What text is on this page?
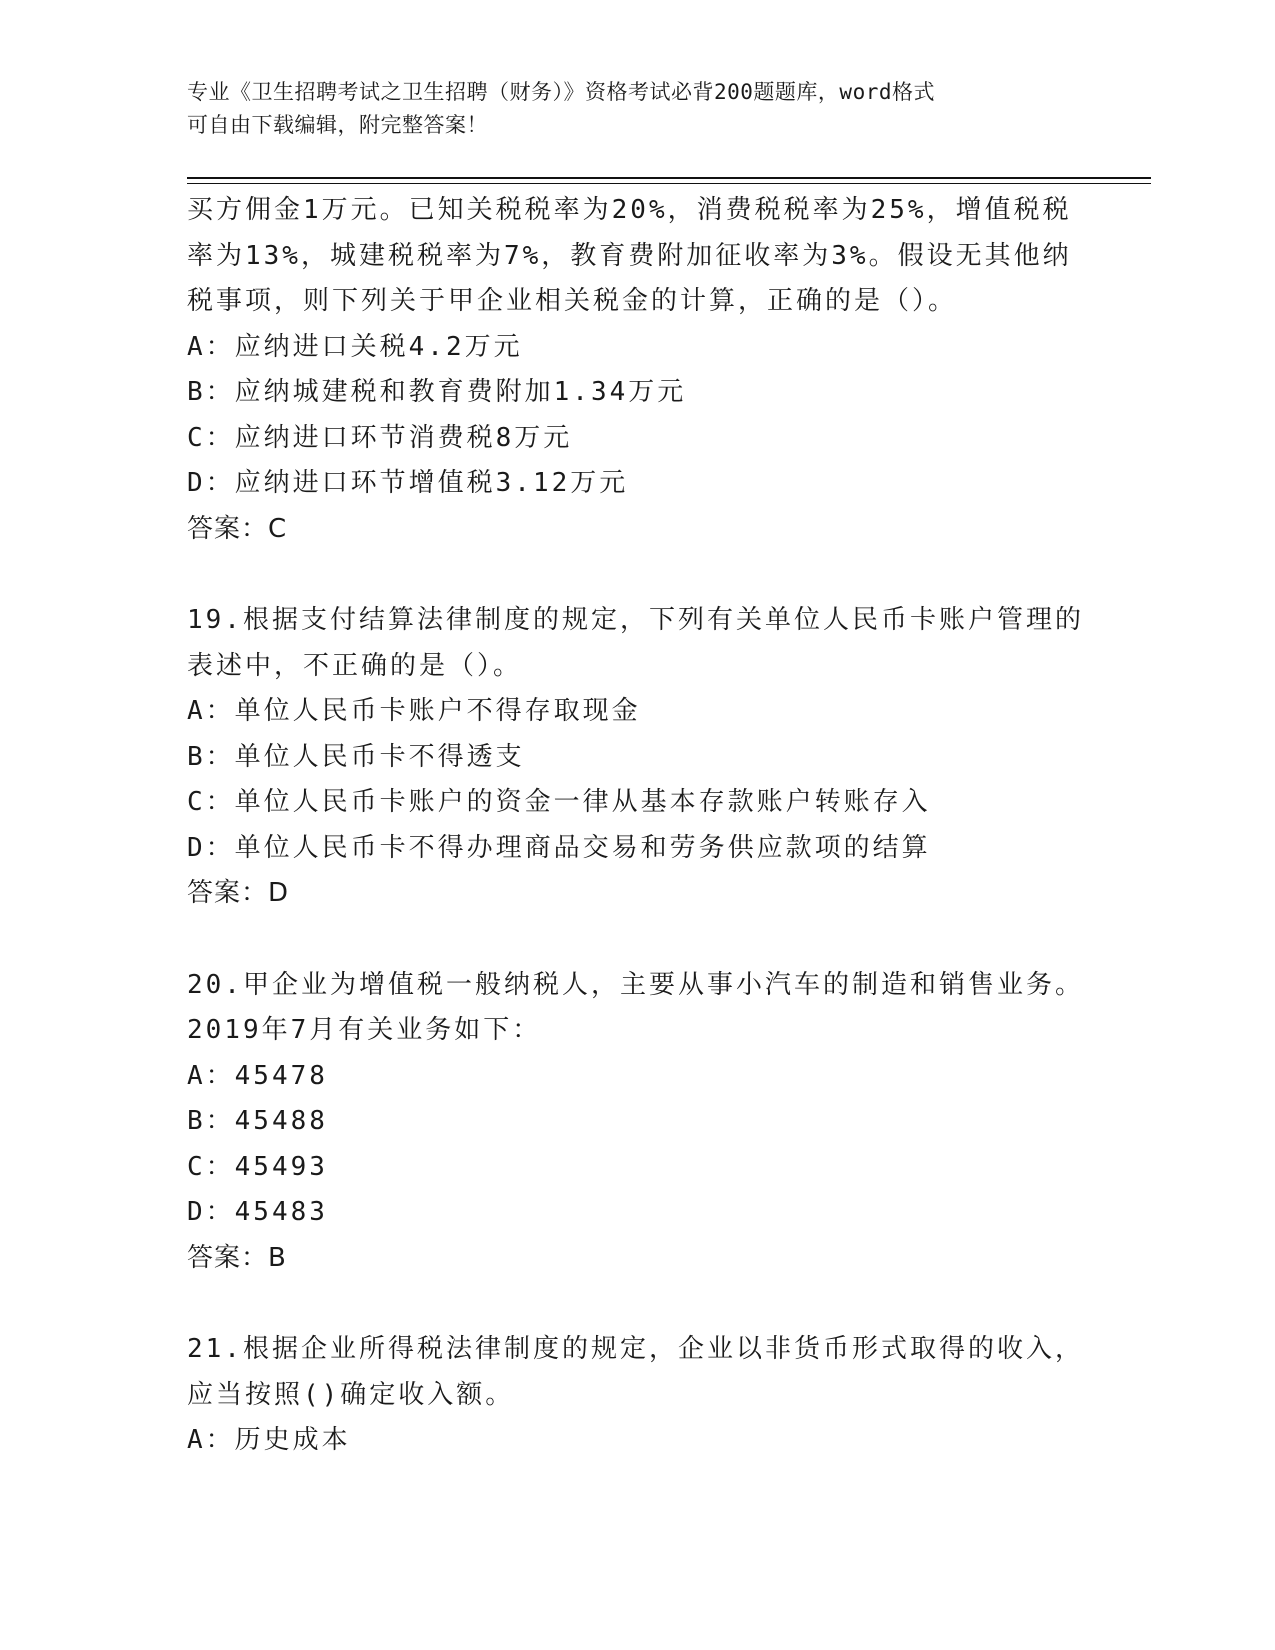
专业《卫生招聘考试之卫生招聘（财务）》资格考试必背200题题库，word格式
可自由下载编辑，附完整答案！
买方佣金1万元。已知关税税率为20%，消费税税率为25%，增值税税
率为13%，城建税税率为7%，教育费附加征收率为3%。假设无其他纳
税事项，则下列关于甲企业相关税金的计算，正确的是（）。
A：应纳进口关税4.2万元
B：应纳城建税和教育费附加1.34万元
C：应纳进口环节消费税8万元
D：应纳进口环节增值税3.12万元
答案：C
19.根据支付结算法律制度的规定，下列有关单位人民币卡账户管理的
表述中，不正确的是（）。
A：单位人民币卡账户不得存取现金
B：单位人民币卡不得透支
C：单位人民币卡账户的资金一律从基本存款账户转账存入
D：单位人民币卡不得办理商品交易和劳务供应款项的结算
答案：D
20.甲企业为增值税一般纳税人，主要从事小汽车的制造和销售业务。
2019年7月有关业务如下：
A：45478
B：45488
C：45493
D：45483
答案：B
21.根据企业所得税法律制度的规定，企业以非货币形式取得的收入，
应当按照()确定收入额。
A：历史成本
